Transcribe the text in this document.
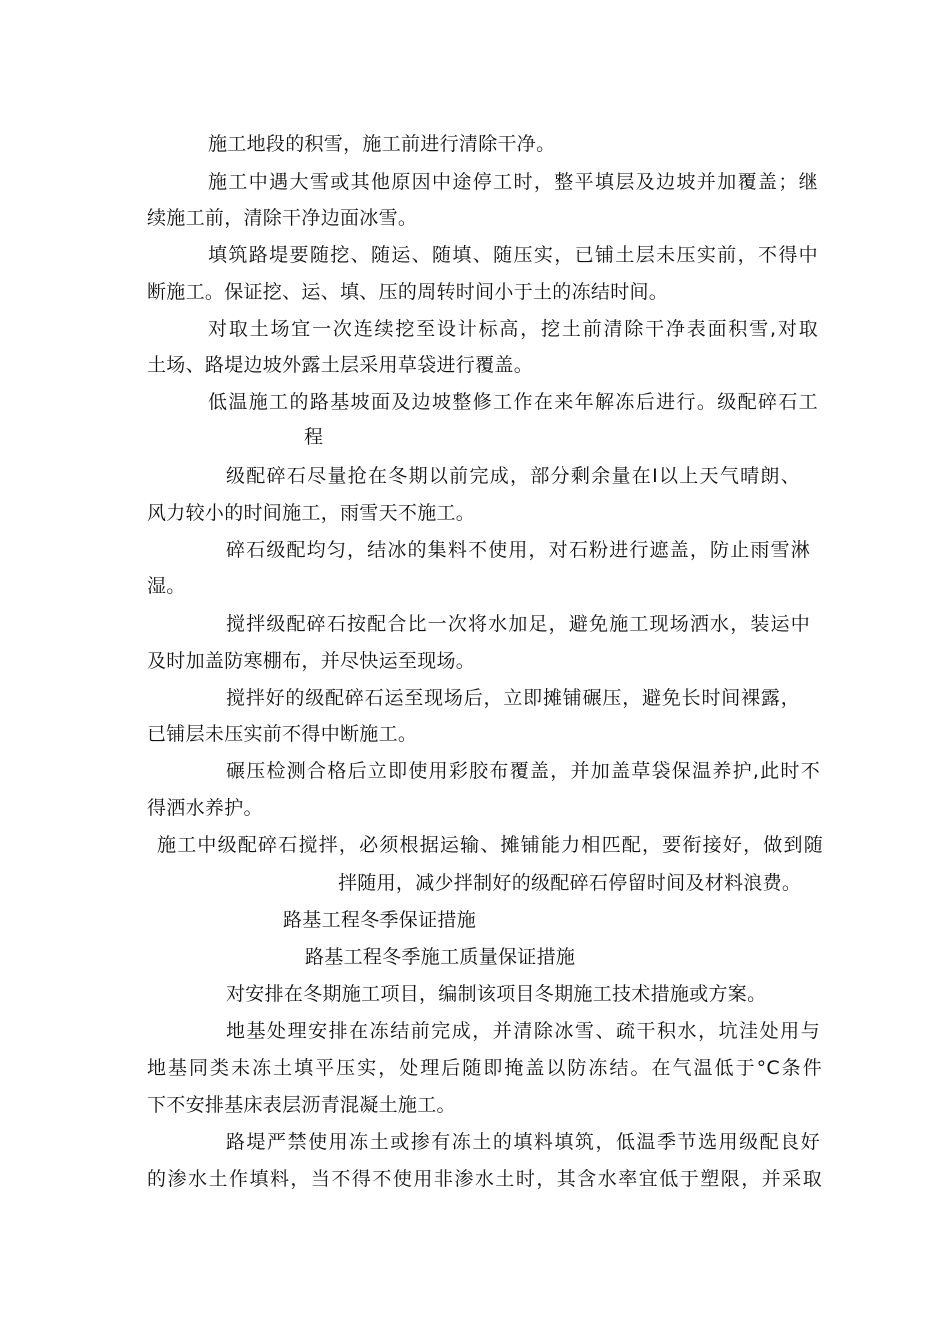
施工地段的积雪，施工前进行清除干净。
施工中遇大雪或其他原因中途停工时，整平填层及边坡并加覆盖；继
续施工前，清除干净边面冰雪。
填筑路堤要随挖、随运、随填、随压实，已铺土层未压实前，不得中
断施工。保证挖、运、填、压的周转时间小于土的冻结时间。
对取土场宜一次连续挖至设计标高，挖土前清除干净表面积雪,对取
土场、路堤边坡外露土层采用草袋进行覆盖。
低温施工的路基坡面及边坡整修工作在来年解冻后进行。级配碎石工
程
级配碎石尽量抢在冬期以前完成，部分剩余量在Ⅰ以上天气晴朗、
风力较小的时间施工，雨雪天不施工。
碎石级配均匀，结冰的集料不使用，对石粉进行遮盖，防止雨雪淋
湿。
搅拌级配碎石按配合比一次将水加足，避免施工现场洒水，装运中
及时加盖防寒棚布，并尽快运至现场。
搅拌好的级配碎石运至现场后，立即摊铺碾压，避免长时间裸露，
已铺层未压实前不得中断施工。
碾压检测合格后立即使用彩胶布覆盖，并加盖草袋保温养护,此时不
得洒水养护。
施工中级配碎石搅拌，必须根据运输、摊铺能力相匹配，要衔接好，做到随
拌随用，减少拌制好的级配碎石停留时间及材料浪费。
路基工程冬季保证措施
路基工程冬季施工质量保证措施
对安排在冬期施工项目，编制该项目冬期施工技术措施或方案。
地基处理安排在冻结前完成，并清除冰雪、疏干积水，坑洼处用与
地基同类未冻土填平压实，处理后随即掩盖以防冻结。在气温低于°C条件
下不安排基床表层沥青混凝土施工。
路堤严禁使用冻土或掺有冻土的填料填筑，低温季节选用级配良好
的渗水土作填料，当不得不使用非渗水土时，其含水率宜低于塑限，并采取
